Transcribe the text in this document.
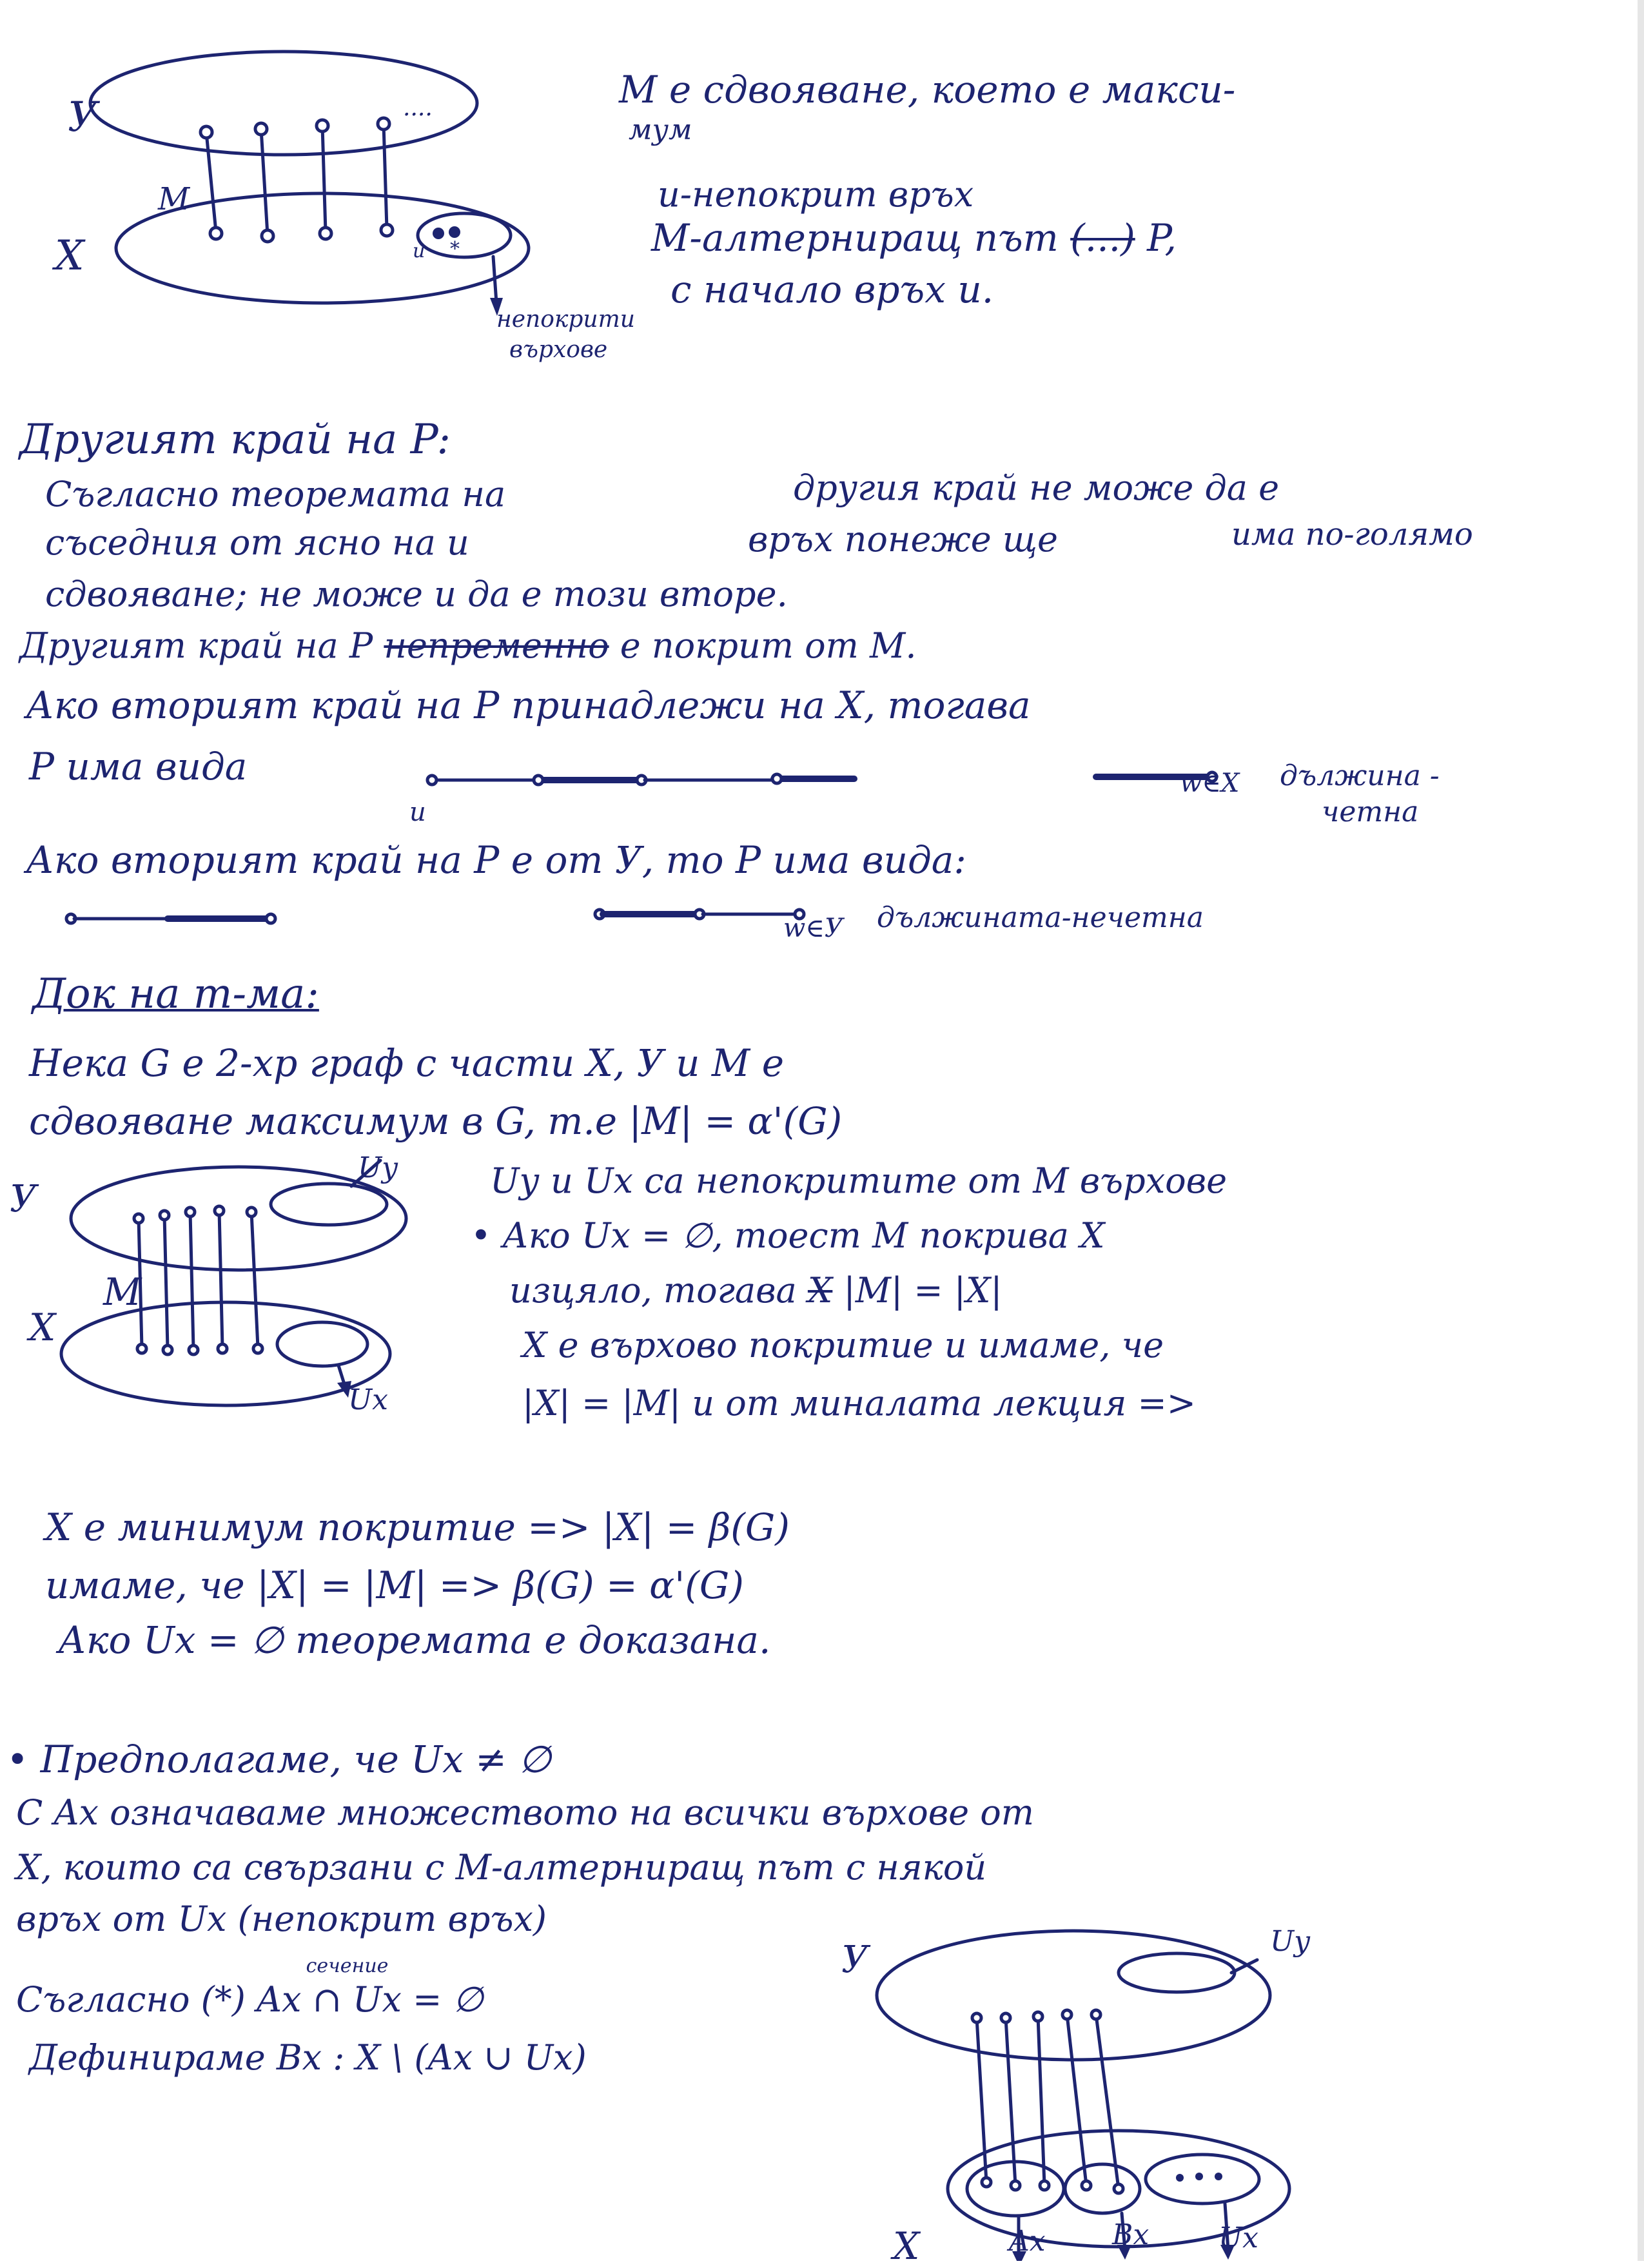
У
X
M
....
u *
непокрити
върхове
M е сдвояване, което е макси-
мум
u-непокрит връх
M-алтерниращ път (...) P,
с начало връх u.
Другият край на P:
Съгласно теоремата на	другия край не може да е
съседния от ясно на u	връх понеже ще	има по-голямо
сдвояване; не може и да е този вторe.
Другият край на P непременно е покрит от M.
Ако вторият край на P принадлежи на X, тогава
P има вида
u
w∈X дължина -
четна
Ако вторият край на P е от У, то P има вида:
w∈У дължината-нечетна
Док на т-ма:
Нека G е 2-хр граф с части X, У и M е
сдвояване максимум в G, т.е |M| = α'(G)
У
X
M
Uу
Uх
Uу и Uх са непокритите от M върхове
• Ако Uх = ∅, тоест M покрива X
изцяло, тогава X |M| = |X|
X е върхово покритие и имаме, че
|X| = |M| и от миналата лекция =>
X е минимум покритие => |X| = β(G)
имаме, че |X| = |M| => β(G) = α'(G)
Ако Uх = ∅ теоремата е доказана.
• Предполагаме, че Uх ≠ ∅
С Aх означаваме множеството на всички върхове от
X, които са свързани с M-алтерниращ път с някой
връх от Uх (непокрит връх)
Съгласно (*) Aх
сечение
∩ Uх = ∅
Дефинираме Bх : X \ (Aх ∪ Uх)
У
X
Uу
Aх Bх Uх
